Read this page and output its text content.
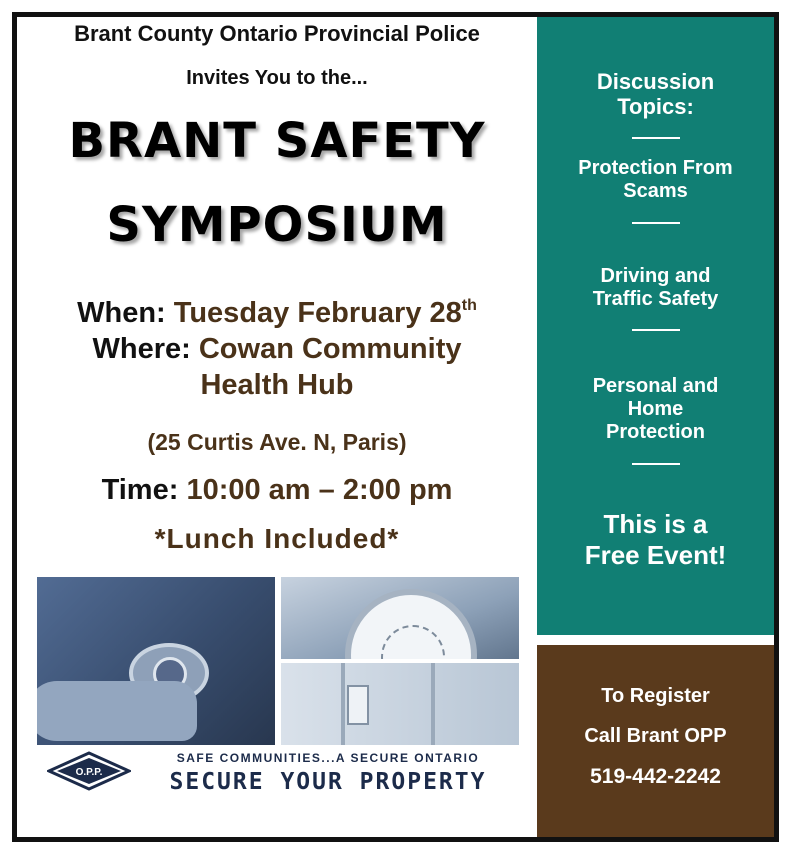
Brant County Ontario Provincial Police
Invites You to the...
BRANT SAFETY
SYMPOSIUM
When: Tuesday February 28th
Where: Cowan Community
Health Hub
(25 Curtis Ave. N, Paris)
Time: 10:00 am – 2:00 pm
*Lunch Included*
O.P.P.
SAFE COMMUNITIES...A SECURE ONTARIO
SECURE YOUR PROPERTY
Discussion
Topics:
Protection From
Scams
Driving and
Traffic Safety
Personal and
Home
Protection
This is a
Free Event!
To Register
Call Brant OPP
519-442-2242
